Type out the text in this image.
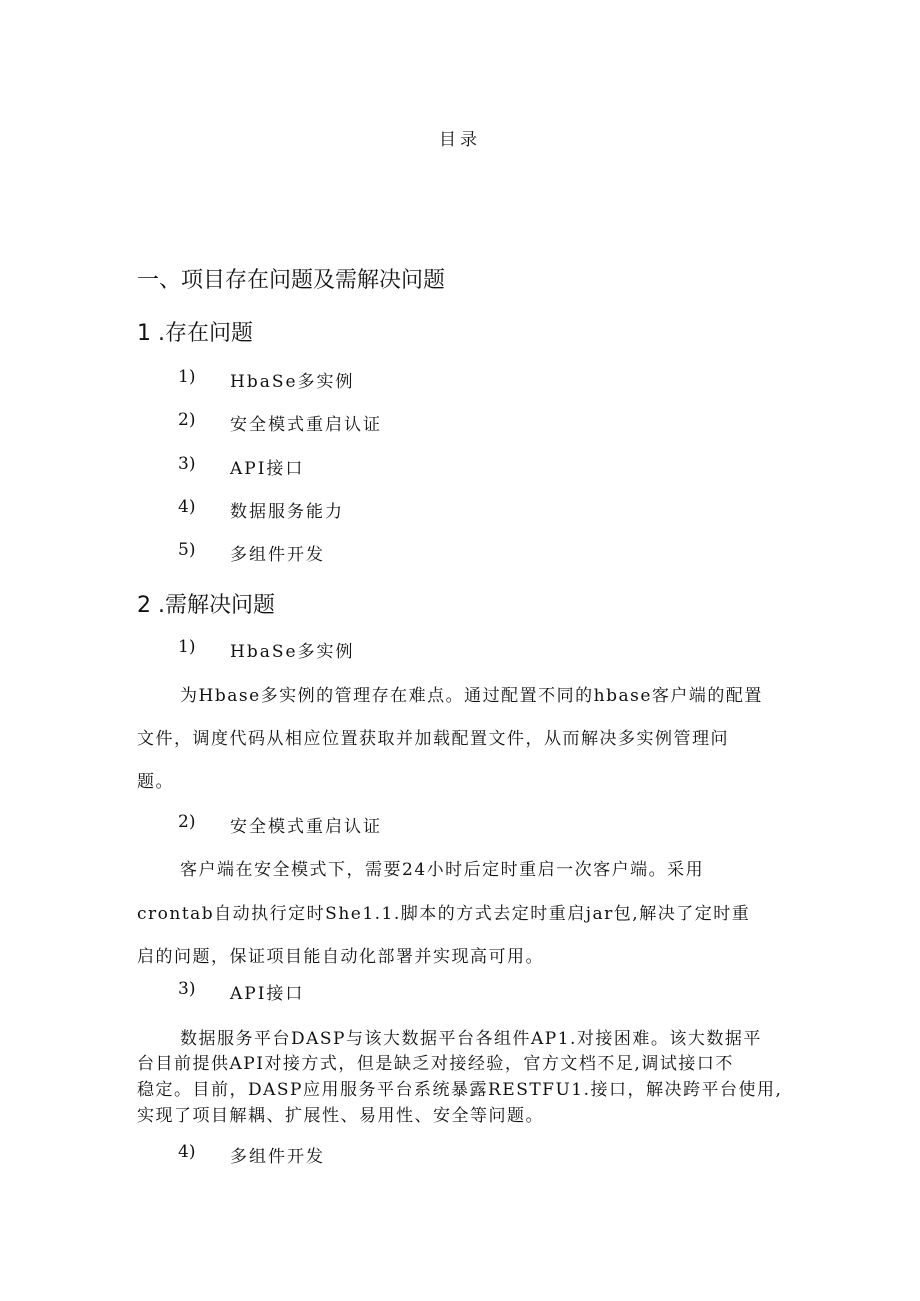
目录
一、项目存在问题及需解决问题
1 .存在问题
1) HbaSe多实例
2) 安全模式重启认证
3) API接口
4) 数据服务能力
5) 多组件开发
2 .需解决问题
1) HbaSe多实例
为Hbase多实例的管理存在难点。通过配置不同的hbase客户端的配置
文件，调度代码从相应位置获取并加载配置文件，从而解决多实例管理问
题。
2) 安全模式重启认证
客户端在安全模式下，需要24小时后定时重启一次客户端。采用
crontab自动执行定时She1.1.脚本的方式去定时重启jar包,解决了定时重
启的问题，保证项目能自动化部署并实现高可用。
3) API接口
数据服务平台DASP与该大数据平台各组件AP1.对接困难。该大数据平
台目前提供API对接方式，但是缺乏对接经验，官方文档不足,调试接口不
稳定。目前，DASP应用服务平台系统暴露RESTFU1.接口，解决跨平台使用,
实现了项目解耦、扩展性、易用性、安全等问题。
4) 多组件开发
